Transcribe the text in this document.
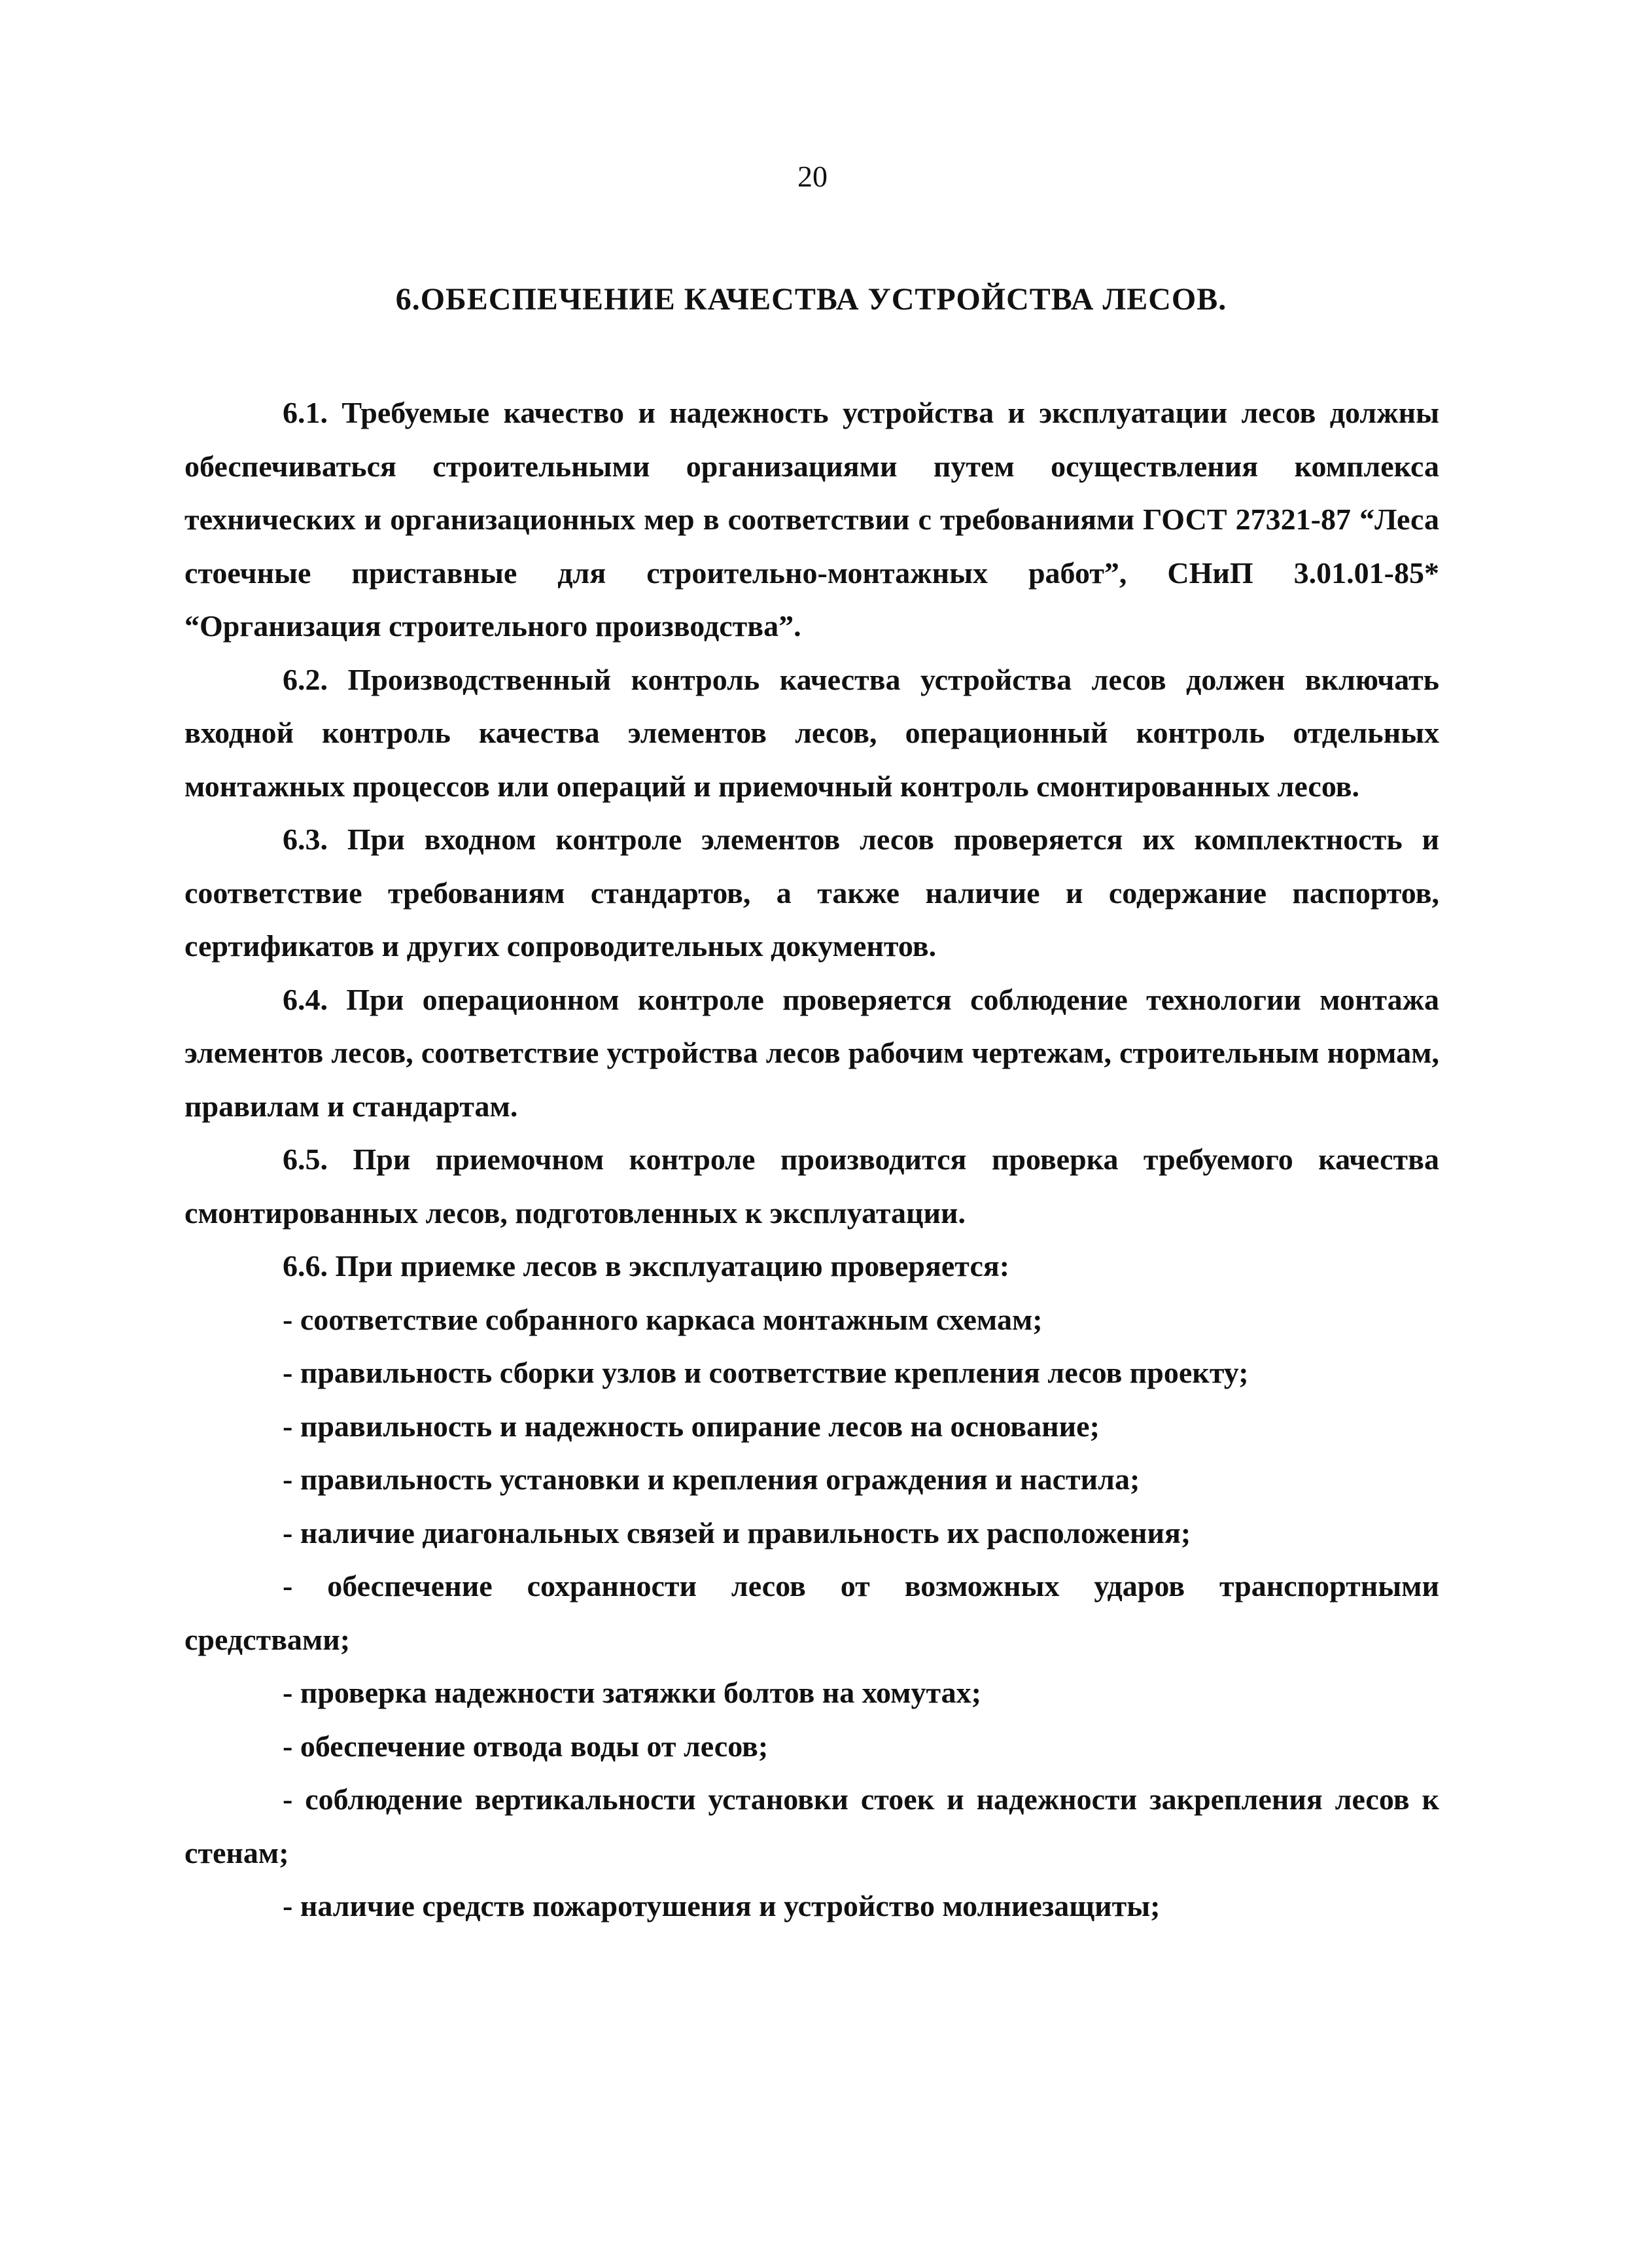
20
6.ОБЕСПЕЧЕНИЕ КАЧЕСТВА УСТРОЙСТВА ЛЕСОВ.

6.1. Требуемые качество и надежность устройства и эксплуатации лесов должны обеспечиваться строительными организациями путем осуществления комплекса технических и организационных мер в соответствии с требованиями ГОСТ 27321-87 “Леса стоечные приставные для строительно-монтажных работ”, СНиП 3.01.01-85* “Организация строительного производства”.

6.2. Производственный контроль качества устройства лесов должен включать входной контроль качества элементов лесов, операционный контроль отдельных монтажных процессов или операций и приемочный контроль смонтированных лесов.

6.3. При входном контроле элементов лесов проверяется их комплектность и соответствие требованиям стандартов, а также наличие и содержание паспортов, сертификатов и других сопроводительных документов.

6.4. При операционном контроле проверяется соблюдение технологии монтажа элементов лесов, соответствие устройства лесов рабочим чертежам, строительным нормам, правилам и стандартам.

6.5. При приемочном контроле производится проверка требуемого качества смонтированных лесов, подготовленных к эксплуатации.

6.6. При приемке лесов в эксплуатацию проверяется:

- соответствие собранного каркаса монтажным схемам;

- правильность сборки узлов и соответствие крепления лесов проекту;

- правильность и надежность опирание лесов на основание;

- правильность установки и крепления ограждения и настила;

- наличие диагональных связей и правильность их расположения;

- обеспечение сохранности лесов от возможных ударов транспортными средствами;

- проверка надежности затяжки болтов на хомутах;

- обеспечение отвода воды от лесов;

- соблюдение вертикальности установки стоек и надежности закрепления лесов к стенам;

- наличие средств пожаротушения и устройство молниезащиты;
